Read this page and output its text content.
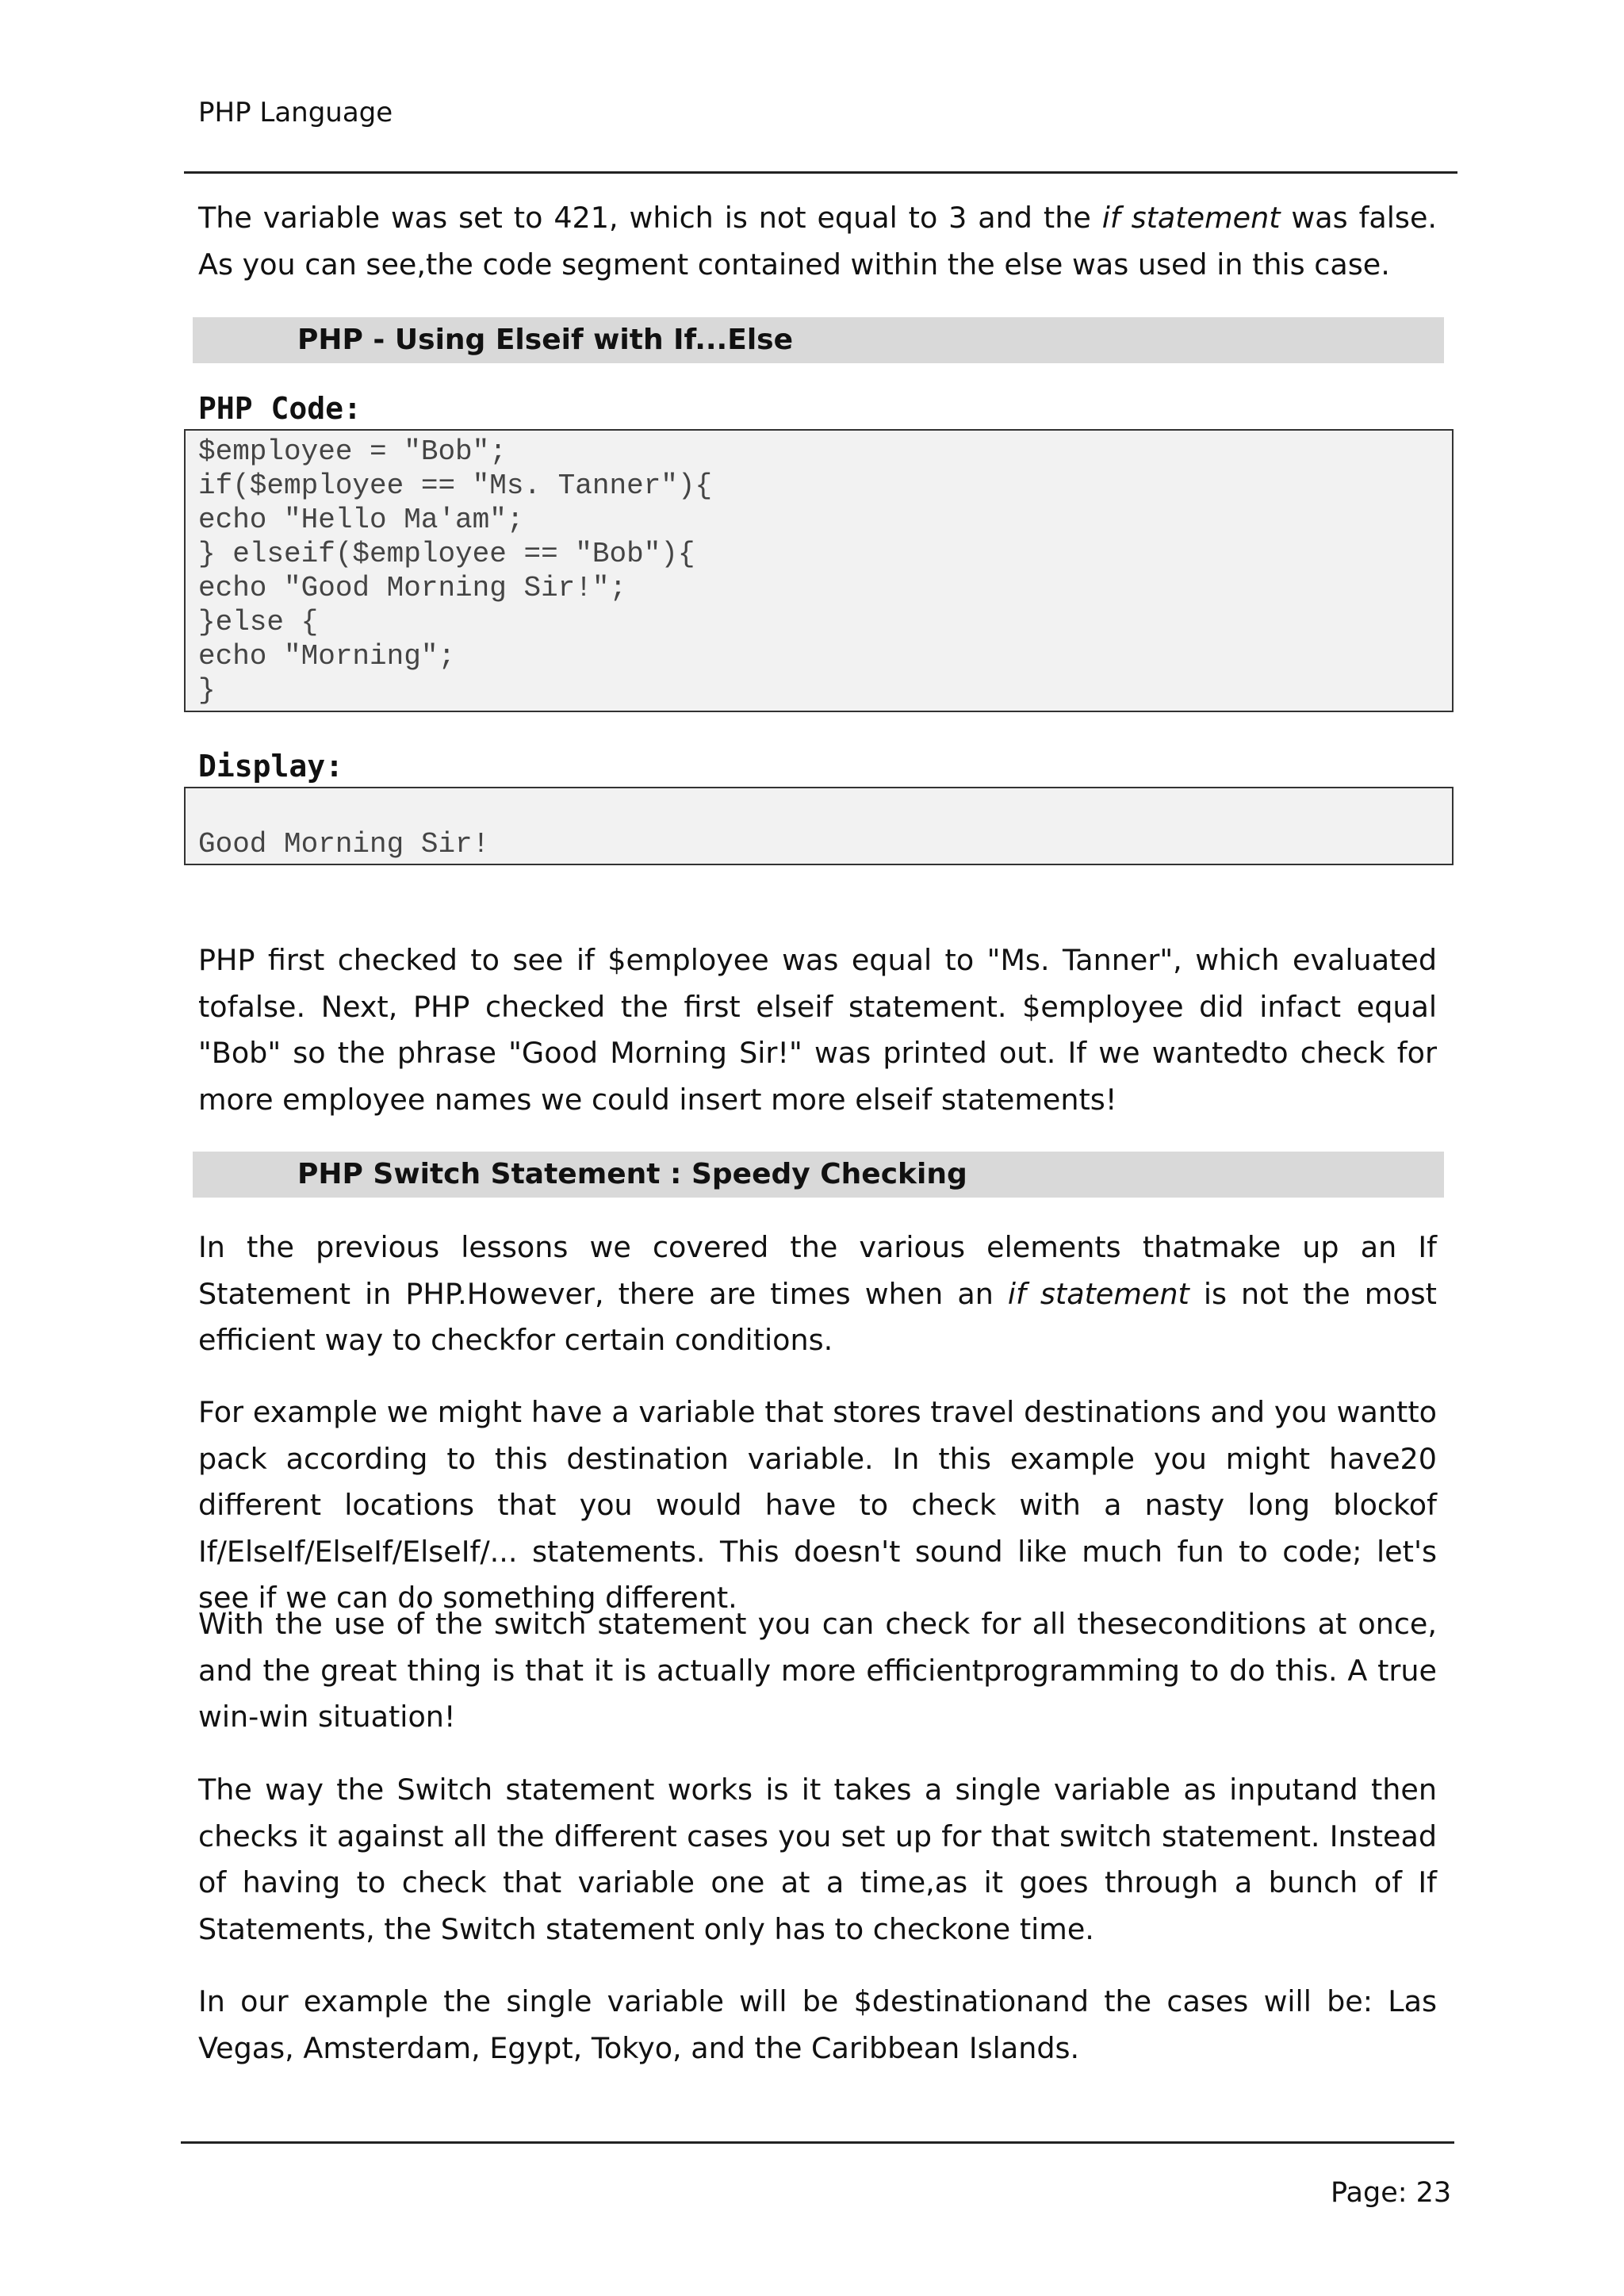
PHP Language

The variable was set to 421, which is not equal to 3 and the if statement was false. As you can see,the code segment contained within the else was used in this case.

PHP - Using Elseif with If...Else
PHP Code:
$employee = "Bob";
if($employee == "Ms. Tanner"){
echo "Hello Ma'am";
} elseif($employee == "Bob"){
echo "Good Morning Sir!";
}else {
echo "Morning";
}
Display:
Good Morning Sir!

PHP first checked to see if $employee was equal to "Ms. Tanner", which evaluated tofalse. Next, PHP checked the first elseif statement. $employee did infact equal "Bob" so the phrase "Good Morning Sir!" was printed out. If we wantedto check for more employee names we could insert more elseif statements!

PHP Switch Statement : Speedy Checking

In the previous lessons we covered the various elements thatmake up an If Statement in PHP.However, there are times when an if statement is not the most efficient way to checkfor certain conditions.

For example we might have a variable that stores travel destinations and you wantto pack according to this destination variable. In this example you might have20 different locations that you would have to check with a nasty long blockof If/ElseIf/ElseIf/ElseIf/... statements. This doesn't sound like much fun to code; let's see if we can do something different.

With the use of the switch statement you can check for all theseconditions at once, and the great thing is that it is actually more efficientprogramming to do this. A true win-win situation!

The way the Switch statement works is it takes a single variable as inputand then checks it against all the different cases you set up for that switch statement. Instead of having to check that variable one at a time,as it goes through a bunch of If Statements, the Switch statement only has to checkone time.

In our example the single variable will be $destinationand the cases will be: Las Vegas, Amsterdam, Egypt, Tokyo, and the Caribbean Islands.

Page: 23
